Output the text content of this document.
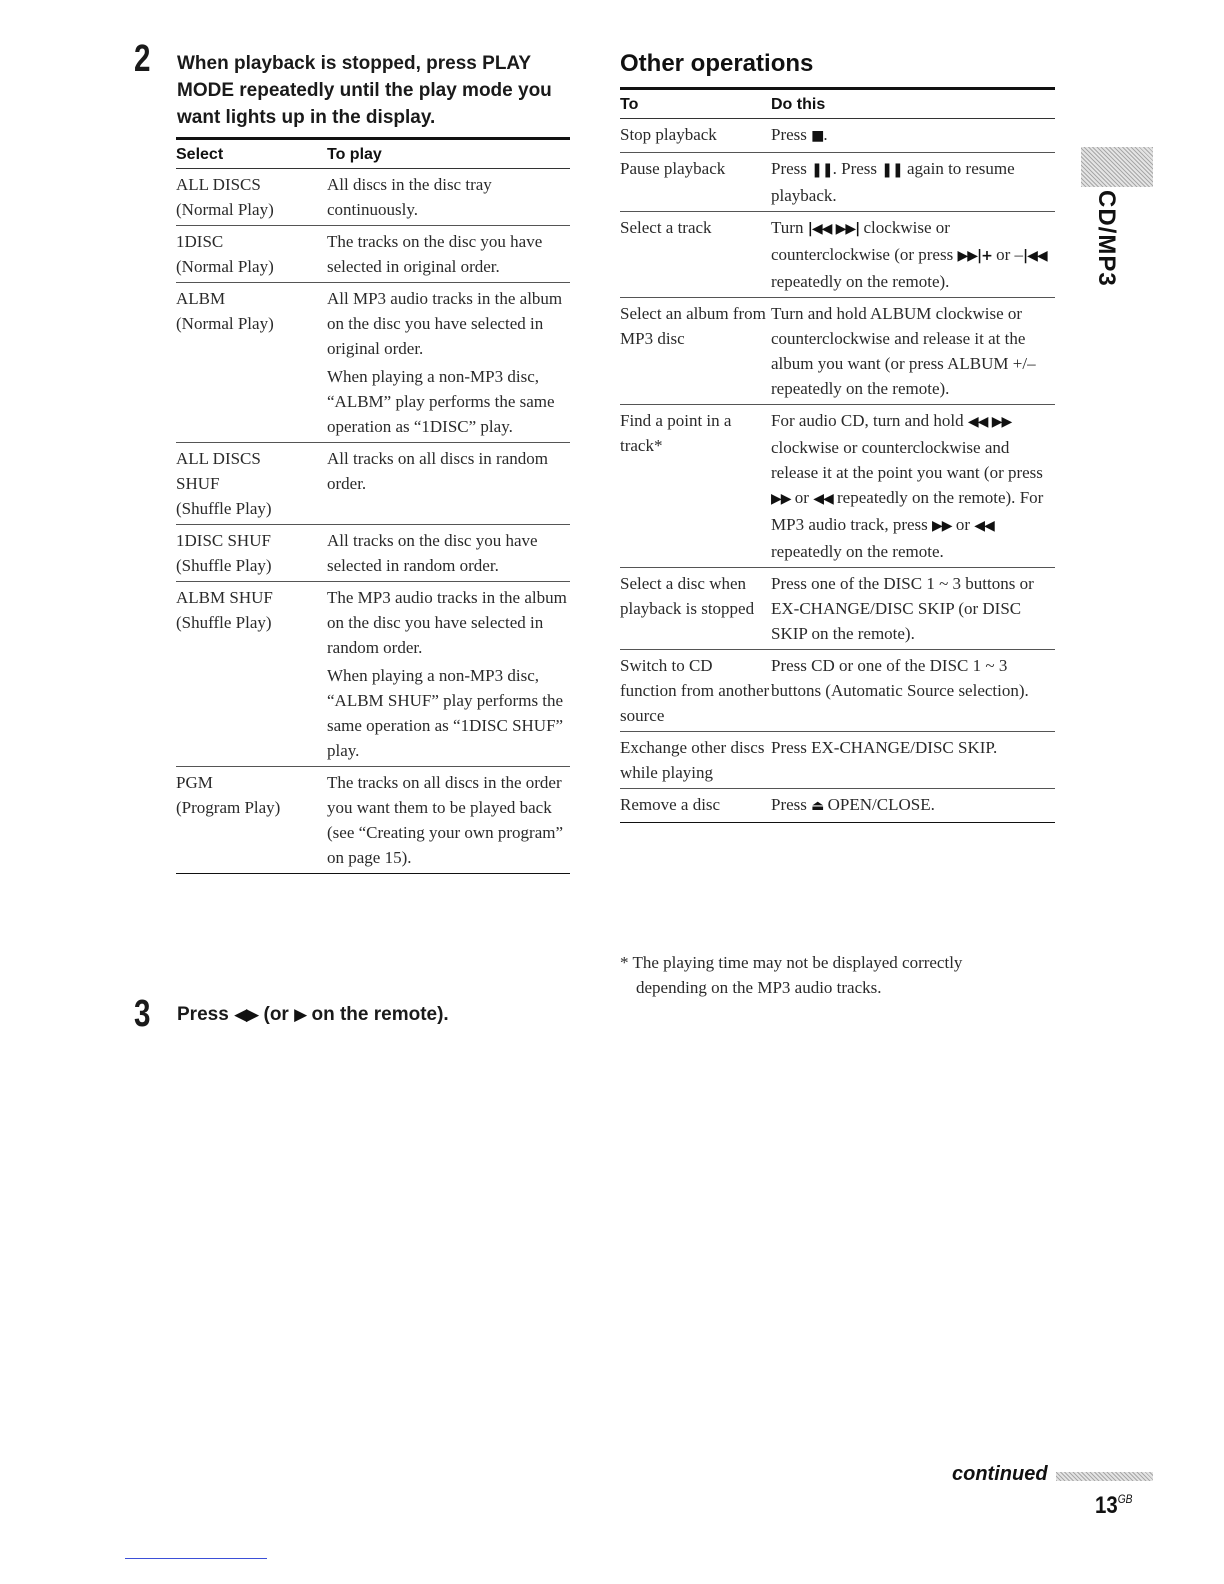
2 When playback is stopped, press PLAY MODE repeatedly until the play mode you want lights up in the display.
Select	To play

ALL DISCS
(Normal Play)	All discs in the disc tray continuously.

1DISC
(Normal Play)	The tracks on the disc you have selected in original order.

ALBM
(Normal Play)	All MP3 audio tracks in the album on the disc you have selected in original order.
When playing a non-MP3 disc, “ALBM” play performs the same operation as “1DISC” play.

ALL DISCS
SHUF
(Shuffle Play)	All tracks on all discs in random order.

1DISC SHUF
(Shuffle Play)	All tracks on the disc you have selected in random order.

ALBM SHUF
(Shuffle Play)	The MP3 audio tracks in the album on the disc you have selected in random order.
When playing a non-MP3 disc, “ALBM SHUF” play performs the same operation as “1DISC SHUF” play.

PGM
(Program Play)	The tracks on all discs in the order you want them to be played back (see “Creating your own program” on page 15).
3 Press ◀▶ (or ▶ on the remote).
Other operations
To	Do this
Stop playback	Press ■.
Pause playback	Press ❚❚. Press ❚❚ again to resume playback.
Select a track	Turn |◀◀ ▶▶| clockwise or counterclockwise (or press ▶▶|+ or –|◀◀ repeatedly on the remote).
Select an album from MP3 disc	Turn and hold ALBUM clockwise or counterclockwise and release it at the album you want (or press ALBUM +/– repeatedly on the remote).
Find a point in a track*	For audio CD, turn and hold ◀◀ ▶▶ clockwise or counterclockwise and release it at the point you want (or press ▶▶ or ◀◀ repeatedly on the remote). For MP3 audio track, press ▶▶ or ◀◀ repeatedly on the remote.
Select a disc when playback is stopped	Press one of the DISC 1 ~ 3 buttons or EX-CHANGE/DISC SKIP (or DISC SKIP on the remote).
Switch to CD function from another source	Press CD or one of the DISC 1 ~ 3 buttons (Automatic Source selection).
Exchange other discs while playing	Press EX-CHANGE/DISC SKIP.
Remove a disc	Press ⏏ OPEN/CLOSE.
* The playing time may not be displayed correctly
depending on the MP3 audio tracks.
CD/MP3
continued
$13^{GB}$
